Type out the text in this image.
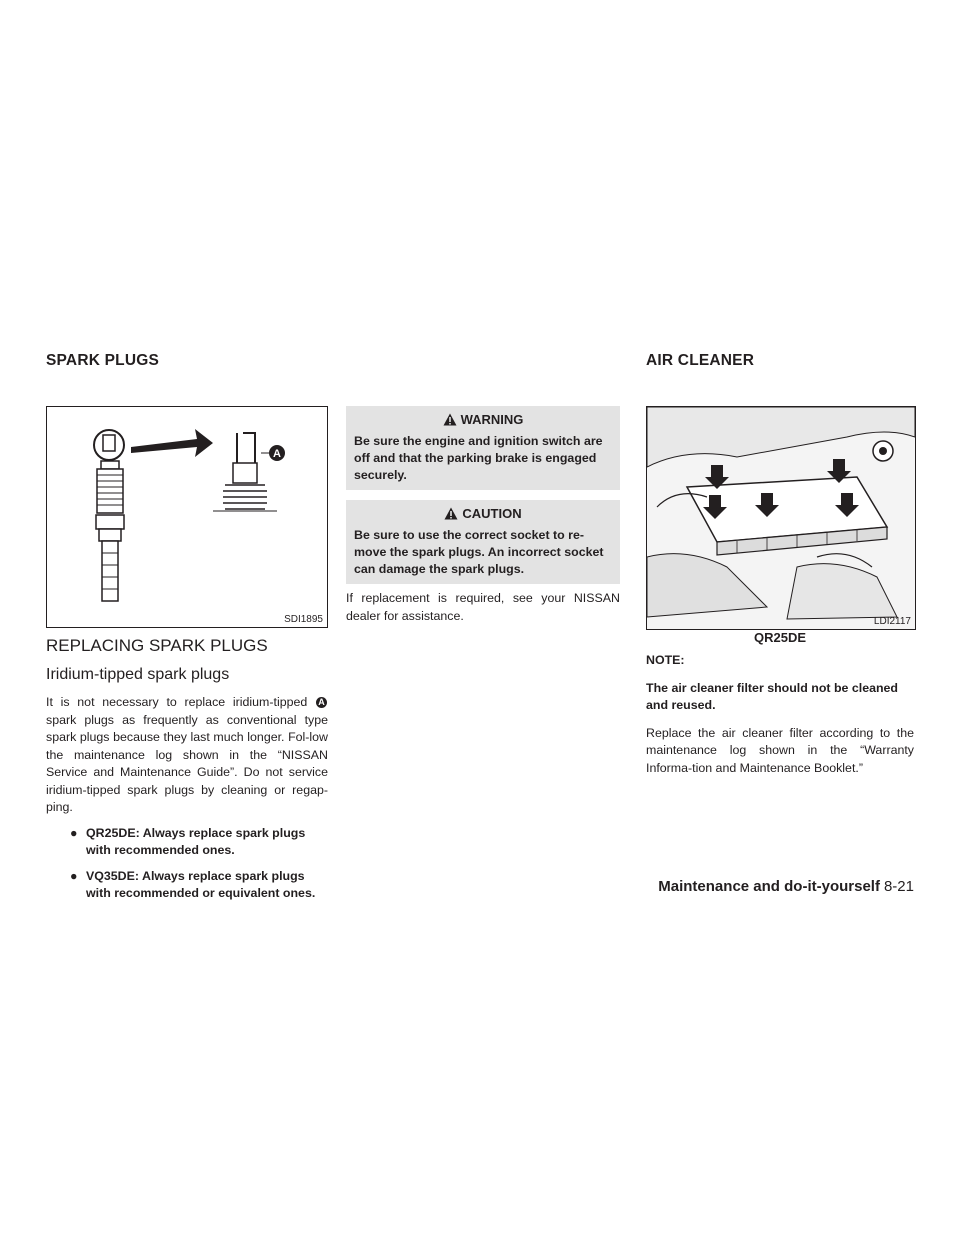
SPARK PLUGS	AIR CLEANER
A
SDI1895
REPLACING SPARK PLUGS
Iridium-tipped spark plugs

It is not necessary to replace iridium-tipped A spark plugs as frequently as conventional type spark plugs because they last much longer. Fol-low the maintenance log shown in the “NISSAN Service and Maintenance Guide”. Do not service iridium-tipped spark plugs by cleaning or regap-ping.

● QR25DE: Always replace spark plugs with recommended ones.
● VQ35DE: Always replace spark plugs with recommended or equivalent ones.
WARNING
Be sure the engine and ignition switch are off and that the parking brake is engaged securely.
CAUTION
Be sure to use the correct socket to re-move the spark plugs. An incorrect socket can damage the spark plugs.

If replacement is required, see your NISSAN dealer for assistance.	LDI2117
QR25DE
NOTE:
The air cleaner filter should not be cleaned and reused.

Replace the air cleaner filter according to the maintenance log shown in the “Warranty Informa-tion and Maintenance Booklet.”

Maintenance and do-it-yourself 8-21
